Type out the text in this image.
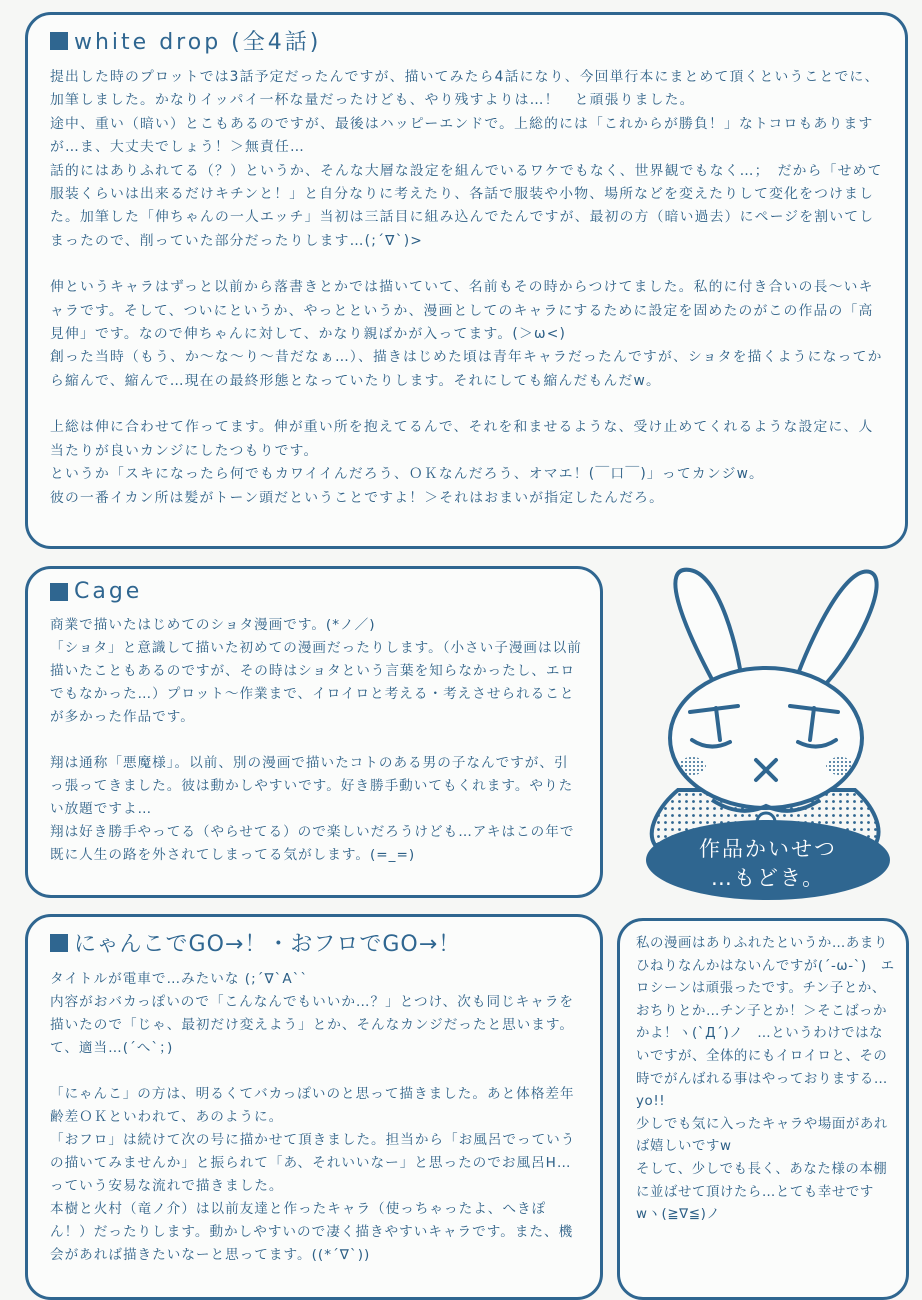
white drop (全4話)

提出した時のプロットでは3話予定だったんですが、描いてみたら4話になり、今回単行本にまとめて頂くということでに、加筆しました。かなりイッパイ一杯な量だったけども、やり残すよりは…！　と頑張りました。

途中、重い（暗い）とこもあるのですが、最後はハッピーエンドで。上総的には「これからが勝負！」なトコロもありますが…ま、大丈夫でしょう！＞無責任…

話的にはありふれてる（？）というか、そんな大層な設定を組んでいるワケでもなく、世界観でもなく…；　だから「せめて服装くらいは出来るだけキチンと！」と自分なりに考えたり、各話で服装や小物、場所などを変えたりして変化をつけました。加筆した「伸ちゃんの一人エッチ」当初は三話目に組み込んでたんですが、最初の方（暗い過去）にページを割いてしまったので、削っていた部分だったりします…(;´∇`)>

伸というキャラはずっと以前から落書きとかでは描いていて、名前もその時からつけてました。私的に付き合いの長～いキャラです。そして、ついにというか、やっとというか、漫画としてのキャラにするために設定を固めたのがこの作品の「高見伸」です。なので伸ちゃんに対して、かなり親ばかが入ってます。(＞ω<)

創った当時（もう、か～な～り～昔だなぁ…）、描きはじめた頃は青年キャラだったんですが、ショタを描くようになってから縮んで、縮んで…現在の最終形態となっていたりします。それにしても縮んだもんだw。

上総は伸に合わせて作ってます。伸が重い所を抱えてるんで、それを和ませるような、受け止めてくれるような設定に、人当たりが良いカンジにしたつもりです。

というか「スキになったら何でもカワイイんだろう、ＯＫなんだろう、オマエ！(￣口￣)」ってカンジw。

彼の一番イカン所は髪がトーン頭だということですよ！＞それはおまいが指定したんだろ。

Cage

商業で描いたはじめてのショタ漫画です。(*ノ／)

「ショタ」と意識して描いた初めての漫画だったりします。（小さい子漫画は以前描いたこともあるのですが、その時はショタという言葉を知らなかったし、エロでもなかった…）プロット～作業まで、イロイロと考える・考えさせられることが多かった作品です。

翔は通称「悪魔様」。以前、別の漫画で描いたコトのある男の子なんですが、引っ張ってきました。彼は動かしやすいです。好き勝手動いてもくれます。やりたい放題ですよ…

翔は好き勝手やってる（やらせてる）ので楽しいだろうけども…アキはこの年で既に人生の路を外されてしまってる気がします。(=_=)	作品かいせつ
…もどき。
にゃんこでGO→！・おフロでGO→！

タイトルが電車で…みたいな (;´∇`A``

内容がおバカっぽいので「こんなんでもいいか…？」とつけ、次も同じキャラを描いたので「じゃ、最初だけ変えよう」とか、そんなカンジだったと思います。て、適当…(´へ`；)

「にゃんこ」の方は、明るくてバカっぽいのと思って描きました。あと体格差年齢差ＯＫといわれて、あのように。

「おフロ」は続けて次の号に描かせて頂きました。担当から「お風呂でっていうの描いてみませんか」と振られて「あ、それいいなー」と思ったのでお風呂H…っていう安易な流れで描きました。

本樹と火村（竜ノ介）は以前友達と作ったキャラ（使っちゃったよ、へきぽん！）だったりします。動かしやすいので凄く描きやすいキャラです。また、機会があれば描きたいなーと思ってます。((*´∇`))

私の漫画はありふれたというか…あまりひねりなんかはないんですが(´-ω-`)　エロシーンは頑張ったです。チン子とか、おちりとか…チン子とか！＞そこばっかかよ！ヽ(`Д´)ノ　…というわけではないですが、全体的にもイロイロと、その時でがんばれる事はやっておりまする…yo!!

少しでも気に入ったキャラや場面があれば嬉しいですw

そして、少しでも長く、あなた様の本棚に並ばせて頂けたら…とても幸せですwヽ(≧∇≦)ノ
